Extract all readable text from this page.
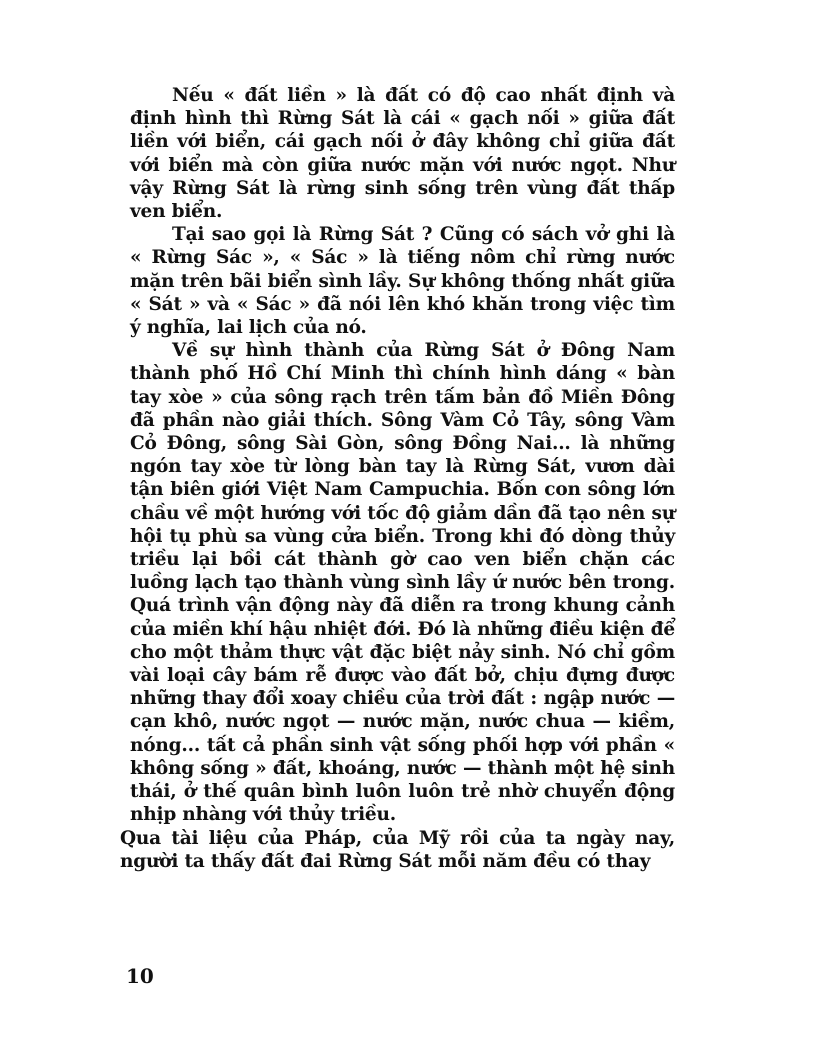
Nếu « đất liền » là đất có độ cao nhất định và định hình thì Rừng Sát là cái « gạch nối » giữa đất liền với biển, cái gạch nối ở đây không chỉ giữa đất với biển mà còn giữa nước mặn với nước ngọt. Như vậy Rừng Sát là rừng sinh sống trên vùng đất thấp ven biển.

Tại sao gọi là Rừng Sát ? Cũng có sách vở ghi là « Rừng Sác », « Sác » là tiếng nôm chỉ rừng nước mặn trên bãi biển sình lầy. Sự không thống nhất giữa « Sát » và « Sác » đã nói lên khó khăn trong việc tìm ý nghĩa, lai lịch của nó.

Về sự hình thành của Rừng Sát ở Đông Nam thành phố Hồ Chí Minh thì chính hình dáng « bàn tay xòe » của sông rạch trên tấm bản đồ Miền Đông đã phần nào giải thích. Sông Vàm Cỏ Tây, sông Vàm Cỏ Đông, sông Sài Gòn, sông Đồng Nai... là những ngón tay xòe từ lòng bàn tay là Rừng Sát, vươn dài tận biên giới Việt Nam Campuchia. Bốn con sông lớn chầu về một hướng với tốc độ giảm dần đã tạo nên sự hội tụ phù sa vùng cửa biển. Trong khi đó dòng thủy triều lại bồi cát thành gờ cao ven biển chặn các luồng lạch tạo thành vùng sình lầy ứ nước bên trong. Quá trình vận động này đã diễn ra trong khung cảnh của miền khí hậu nhiệt đới. Đó là những điều kiện để cho một thảm thực vật đặc biệt nảy sinh. Nó chỉ gồm vài loại cây bám rễ được vào đất bở, chịu đựng được những thay đổi xoay chiều của trời đất : ngập nước — cạn khô, nước ngọt — nước mặn, nước chua — kiềm, nóng... tất cả phần sinh vật sống phối hợp với phần « không sống » đất, khoáng, nước — thành một hệ sinh thái, ở thế quân bình luôn luôn trẻ nhờ chuyển động nhịp nhàng với thủy triều.

Qua tài liệu của Pháp, của Mỹ rồi của ta ngày nay, người ta thấy đất đai Rừng Sát mỗi năm đều có thay

10
